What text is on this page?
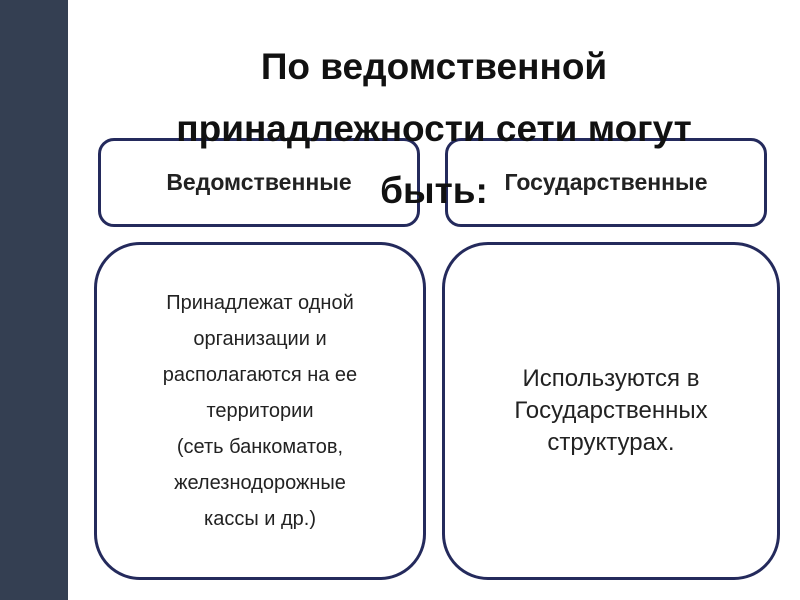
Ведомственные	Государственные
По ведомственной
принадлежности сети могут
быть:
Принадлежат одной
организации и
располагаются на ее
территории
(сеть банкоматов,
железнодорожные
кассы и др.)
Используются в
Государственных
структурах.
